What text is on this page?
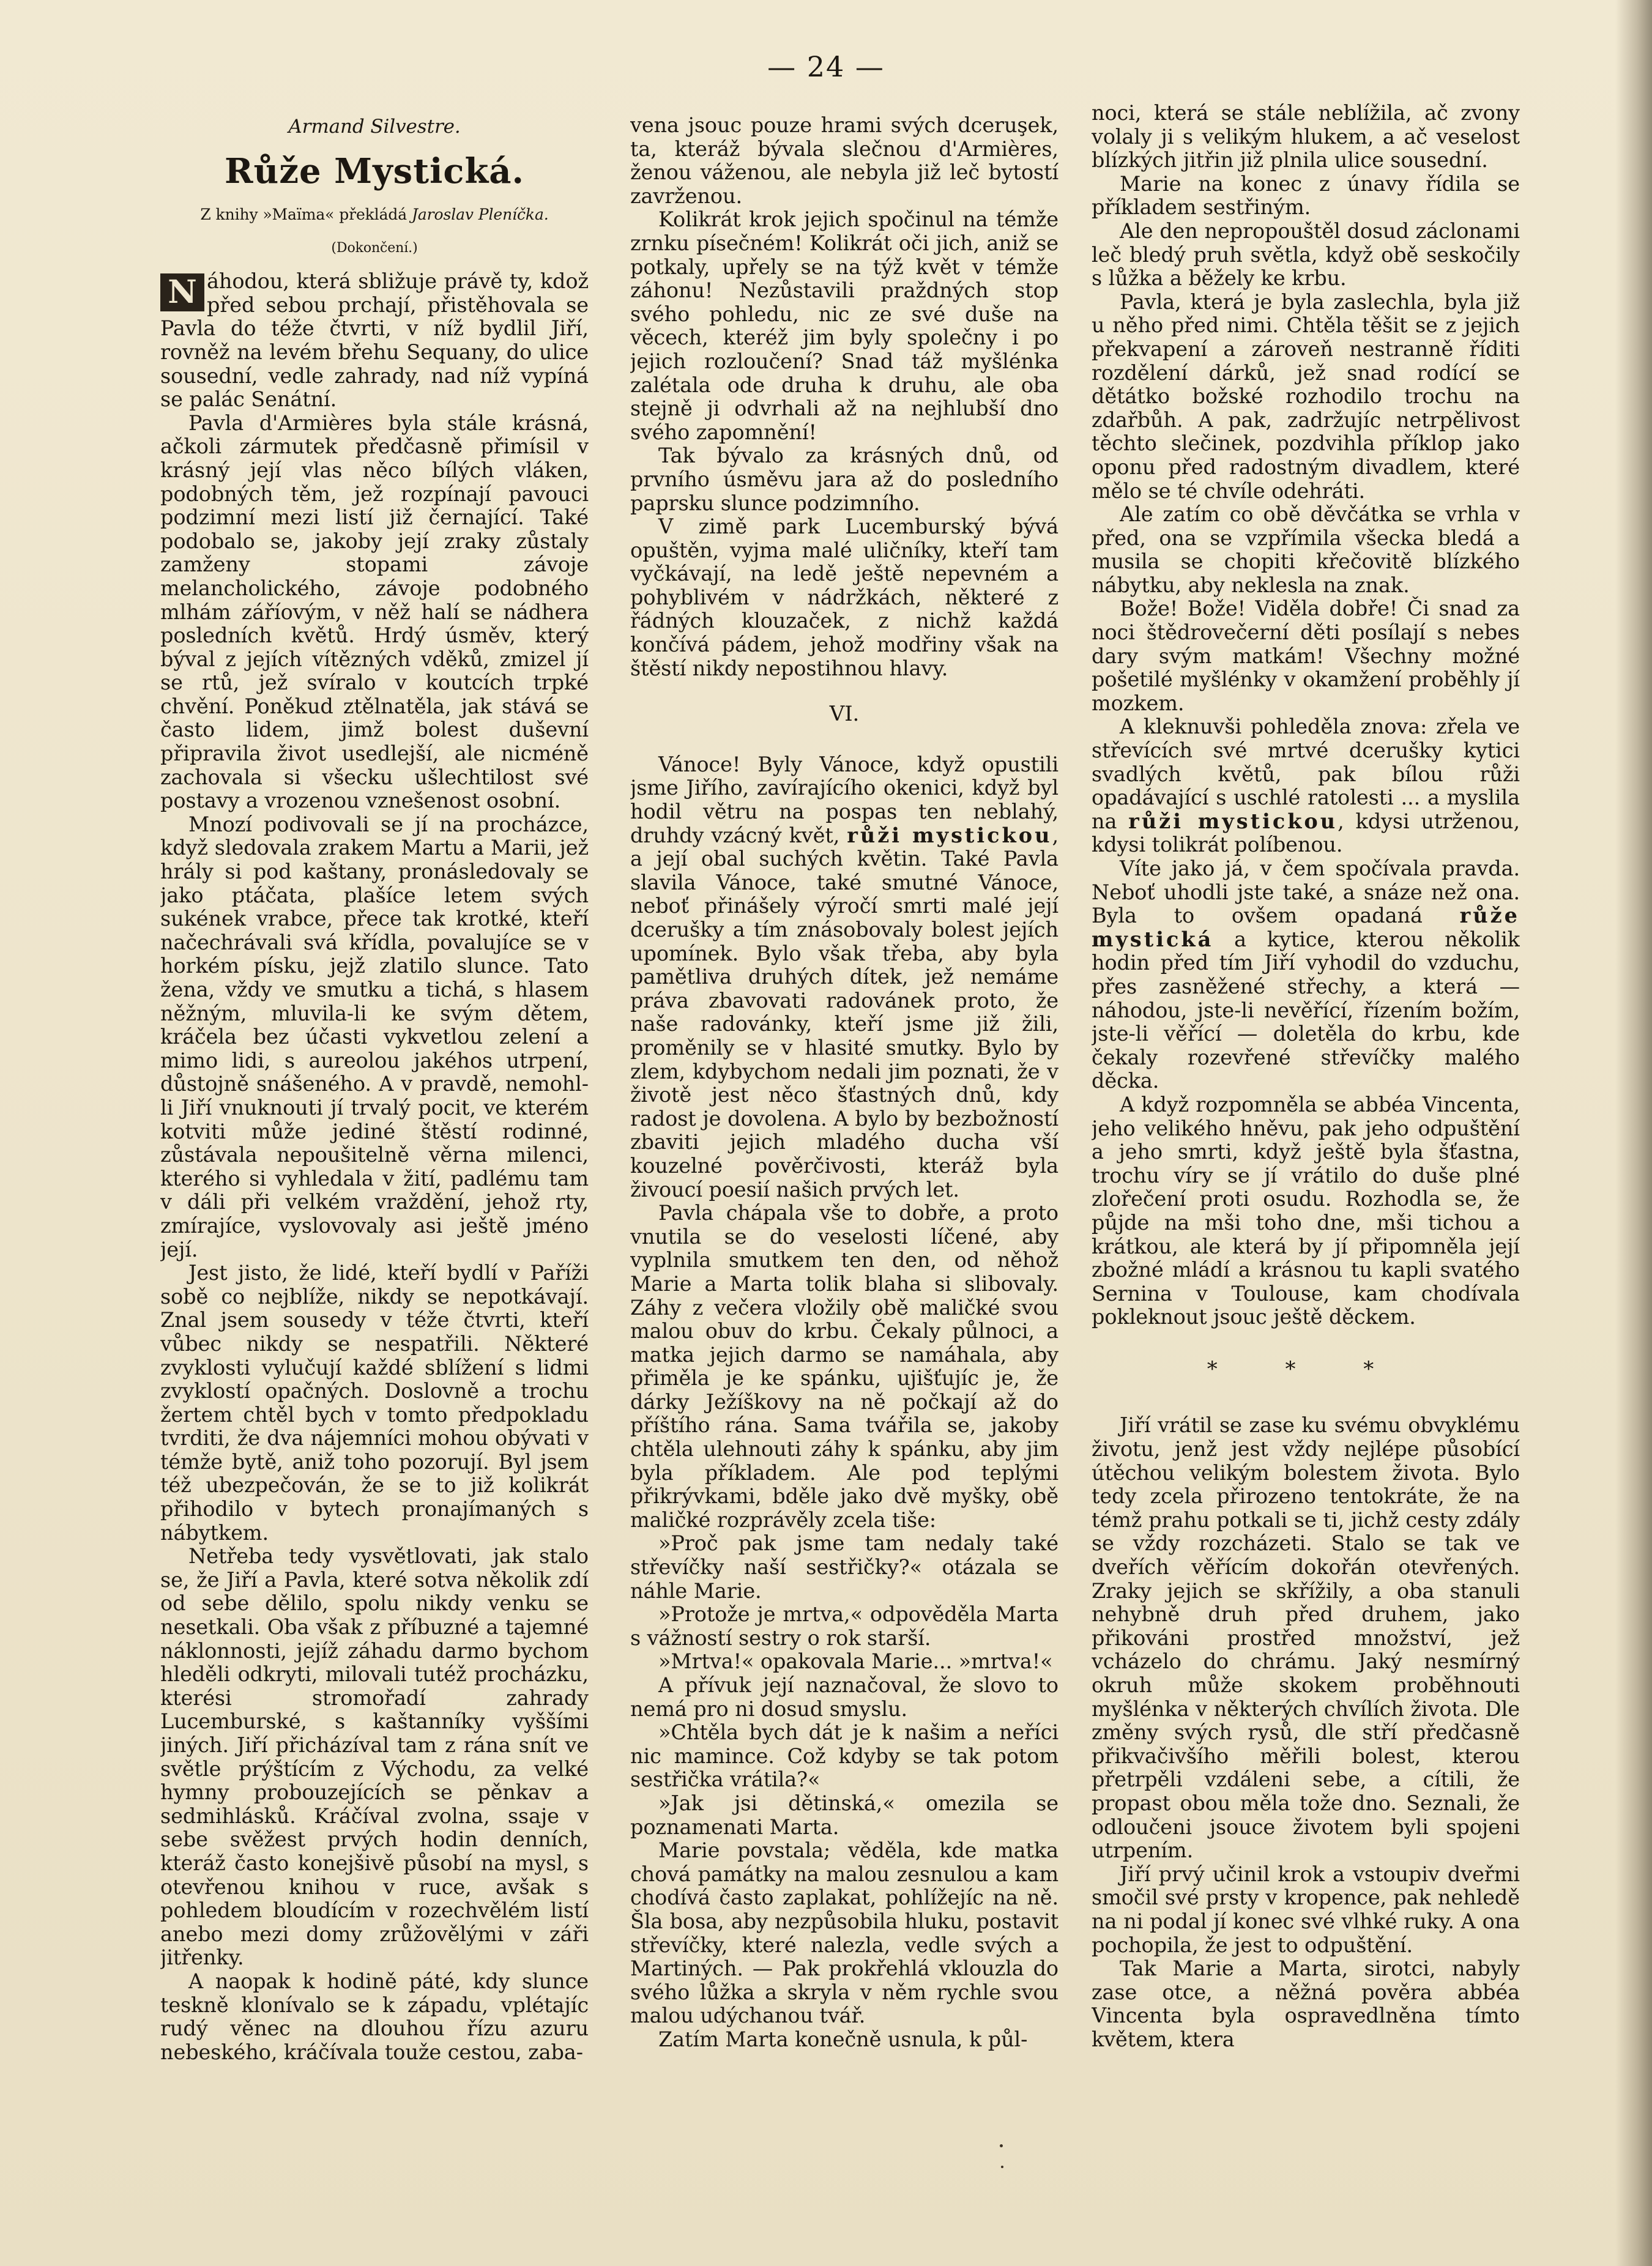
— 24 —
Armand Silvestre.
Růže Mystická.
Z knihy »Maïma« překládá Jaroslav Pleníčka.
(Dokončení.)

N áhodou, která sbližuje právě ty, kdož před sebou prchají, přistěhovala se Pavla do téže čtvrti, v níž bydlil Jiří, rovněž na levém břehu Sequany, do ulice sousední, vedle zahrady, nad níž vypíná se palác Senátní.

Pavla d'Armières byla stále krásná, ačkoli zármutek předčasně přimísil v krásný její vlas něco bílých vláken, podobných těm, jež rozpínají pavouci podzimní mezi listí již černající. Také podobalo se, jakoby její zraky zůstaly zamženy stopami závoje melancholického, závoje podobného mlhám záříovým, v něž halí se nádhera posledních květů. Hrdý úsměv, který býval z jejích vítězných vděků, zmizel jí se rtů, jež svíralo v koutcích trpké chvění. Poněkud ztělnatěla, jak stává se často lidem, jimž bolest duševní připravila život usedlejší, ale nicméně zachovala si všecku ušlechtilost své postavy a vrozenou vznešenost osobní.

Mnozí podivovali se jí na procházce, když sledovala zrakem Martu a Marii, jež hrály si pod kaštany, pronásledovaly se jako ptáčata, plašíce letem svých sukének vrabce, přece tak krotké, kteří načechrávali svá křídla, povalujíce se v horkém písku, jejž zlatilo slunce. Tato žena, vždy ve smutku a tichá, s hlasem něžným, mluvila-li ke svým dětem, kráčela bez účasti vykvetlou zelení a mimo lidi, s aureolou jakéhos utrpení, důstojně snášeného. A v pravdě, nemohl-li Jiří vnuknouti jí trvalý pocit, ve kterém kotviti může jediné štěstí rodinné, zůstávala nepoušitelně věrna milenci, kterého si vyhledala v žití, padlému tam v dáli při velkém vraždění, jehož rty, zmírajíce, vyslovovaly asi ještě jméno její.

Jest jisto, že lidé, kteří bydlí v Paříži sobě co nejblíže, nikdy se nepotkávají. Znal jsem sousedy v téže čtvrti, kteří vůbec nikdy se nespatřili. Některé zvyklosti vylučují každé sblížení s lidmi zvyklostí opačných. Doslovně a trochu žertem chtěl bych v tomto předpokladu tvrditi, že dva nájemníci mohou obývati v témže bytě, aniž toho pozorují. Byl jsem též ubezpečován, že se to již kolikrát přihodilo v bytech pronajímaných s nábytkem.

Netřeba tedy vysvětlovati, jak stalo se, že Jiří a Pavla, které sotva několik zdí od sebe dělilo, spolu nikdy venku se nesetkali. Oba však z příbuzné a tajemné náklonnosti, jejíž záhadu darmo bychom hleděli odkryti, milovali tutéž procházku, kterési stromořadí zahrady Lucemburské, s kaštanníky vyššími jiných. Jiří přicházíval tam z rána snít ve světle prýštícím z Východu, za velké hymny probouzejících se pěnkav a sedmihlásků. Kráčíval zvolna, ssaje v sebe svěžest prvých hodin denních, kteráž často konejšivě působí na mysl, s otevřenou knihou v ruce, avšak s pohledem bloudícím v rozechvělém listí anebo mezi domy zrůžovělými v záři jitřenky.

A naopak k hodině páté, kdy slunce teskně klonívalo se k západu, vplétajíc rudý věnec na dlouhou řízu azuru nebeského, kráčívala touže cestou, zaba-

vena jsouc pouze hrami svých dceruşek, ta, kteráž bývala slečnou d'Armières, ženou váženou, ale nebyla již leč bytostí zavrženou.

Kolikrát krok jejich spočinul na témže zrnku písečném! Kolikrát oči jich, aniž se potkaly, upřely se na týž květ v témže záhonu! Nezůstavili praždných stop svého pohledu, nic ze své duše na věcech, kteréž jim byly společny i po jejich rozloučení? Snad táž myšlénka zalétala ode druha k druhu, ale oba stejně ji odvrhali až na nejhlubší dno svého zapomnění!

Tak bývalo za krásných dnů, od prvního úsměvu jara až do posledního paprsku slunce podzimního.

V zimě park Lucemburský bývá opuštěn, vyjma malé uličníky, kteří tam vyčkávají, na ledě ještě nepevném a pohyblivém v nádržkách, některé z řádných klouzaček, z nichž každá končívá pádem, jehož modřiny však na štěstí nikdy nepostihnou hlavy.

VI.

Vánoce! Byly Vánoce, když opustili jsme Jiřího, zavírajícího okenici, když byl hodil větru na pospas ten neblahý, druhdy vzácný květ, růži mystickou, a její obal suchých květin. Také Pavla slavila Vánoce, také smutné Vánoce, neboť přinášely výročí smrti malé její dcerušky a tím znásobovaly bolest jejích upomínek. Bylo však třeba, aby byla pamětliva druhých dítek, jež nemáme práva zbavovati radovánek proto, že naše radovánky, kteří jsme již žili, proměnily se v hlasité smutky. Bylo by zlem, kdybychom nedali jim poznati, že v životě jest něco šťastných dnů, kdy radost je dovolena. A bylo by bezbožností zbaviti jejich mladého ducha vší kouzelné pověrčivosti, kteráž byla živoucí poesií našich prvých let.

Pavla chápala vše to dobře, a proto vnutila se do veselosti líčené, aby vyplnila smutkem ten den, od něhož Marie a Marta tolik blaha si slibovaly. Záhy z večera vložily obě maličké svou malou obuv do krbu. Čekaly půlnoci, a matka jejich darmo se namáhala, aby přiměla je ke spánku, ujišťujíc je, že dárky Ježíškovy na ně počkají až do příštího rána. Sama tvářila se, jakoby chtěla ulehnouti záhy k spánku, aby jim byla příkladem. Ale pod teplými přikrývkami, bděle jako dvě myšky, obě maličké rozprávěly zcela tiše:

»Proč pak jsme tam nedaly také střevíčky naší sestřičky?« otázala se náhle Marie.

»Protože je mrtva,« odpověděla Marta s vážností sestry o rok starší.

»Mrtva!« opakovala Marie... »mrtva!«

A přívuk její naznačoval, že slovo to nemá pro ni dosud smyslu.

»Chtěla bych dát je k našim a neříci nic mamince. Což kdyby se tak potom sestřička vrátila?«

»Jak jsi dětinská,« omezila se poznamenati Marta.

Marie povstala; věděla, kde matka chová památky na malou zesnulou a kam chodívá často zaplakat, pohlížejíc na ně. Šla bosa, aby nezpůsobila hluku, postavit střevíčky, které nalezla, vedle svých a Martiných. — Pak prokřehlá vklouzla do svého lůžka a skryla v něm rychle svou malou udýchanou tvář.

Zatím Marta konečně usnula, k půl-

noci, která se stále neblížila, ač zvony volaly ji s velikým hlukem, a ač veselost blízkých jitřin již plnila ulice sousední.

Marie na konec z únavy řídila se příkladem sestřiným.

Ale den nepropouštěl dosud záclonami leč bledý pruh světla, když obě seskočily s lůžka a běžely ke krbu.

Pavla, která je byla zaslechla, byla již u něho před nimi. Chtěla těšit se z jejich překvapení a zároveň nestranně říditi rozdělení dárků, jež snad rodící se dětátko božské rozhodilo trochu na zdařbůh. A pak, zadržujíc netrpělivost těchto slečinek, pozdvihla příklop jako oponu před radostným divadlem, které mělo se té chvíle odehráti.

Ale zatím co obě děvčátka se vrhla v před, ona se vzpřímila všecka bledá a musila se chopiti křečovitě blízkého nábytku, aby neklesla na znak.

Bože! Bože! Viděla dobře! Či snad za noci štědrovečerní děti posílají s nebes dary svým matkám! Všechny možné pošetilé myšlénky v okamžení proběhly jí mozkem.

A kleknuvši pohleděla znova: zřela ve střevících své mrtvé dcerušky kytici svadlých květů, pak bílou růži opadávající s uschlé ratolesti ... a myslila na růži mystickou, kdysi utrženou, kdysi tolikrát políbenou.

Víte jako já, v čem spočívala pravda. Neboť uhodli jste také, a snáze než ona. Byla to ovšem opadaná růže mystická a kytice, kterou několik hodin před tím Jiří vyhodil do vzduchu, přes zasněžené střechy, a která — náhodou, jste-li nevěřící, řízením božím, jste-li věřící — doletěla do krbu, kde čekaly rozevřené střevíčky malého děcka.

A když rozpomněla se abbéa Vincenta, jeho velikého hněvu, pak jeho odpuštění a jeho smrti, když ještě byla šťastna, trochu víry se jí vrátilo do duše plné zlořečení proti osudu. Rozhodla se, že půjde na mši toho dne, mši tichou a krátkou, ale která by jí připomněla její zbožné mládí a krásnou tu kapli svatého Sernina v Toulouse, kam chodívala pokleknout jsouc ještě děckem.

* * *

Jiří vrátil se zase ku svému obvyklému životu, jenž jest vždy nejlépe působící útěchou velikým bolestem života. Bylo tedy zcela přirozeno tentokráte, že na témž prahu potkali se ti, jichž cesty zdály se vždy rozcházeti. Stalo se tak ve dveřích věřícím dokořán otevřených. Zraky jejich se skřížily, a oba stanuli nehybně druh před druhem, jako přikováni prostřed množství, jež vcházelo do chrámu. Jaký nesmírný okruh může skokem proběhnouti myšlénka v některých chvílích života. Dle změny svých rysů, dle stří předčasně přikvačivšího měřili bolest, kterou přetrpěli vzdáleni sebe, a cítili, že propast obou měla tože dno. Seznali, že odloučeni jsouce životem byli spojeni utrpením.

Jiří prvý učinil krok a vstoupiv dveřmi smočil své prsty v kropence, pak nehledě na ni podal jí konec své vlhké ruky. A ona pochopila, že jest to odpuštění.

Tak Marie a Marta, sirotci, nabyly zase otce, a něžná pověra abbéa Vincenta byla ospravedlněna tímto květem, ktera
